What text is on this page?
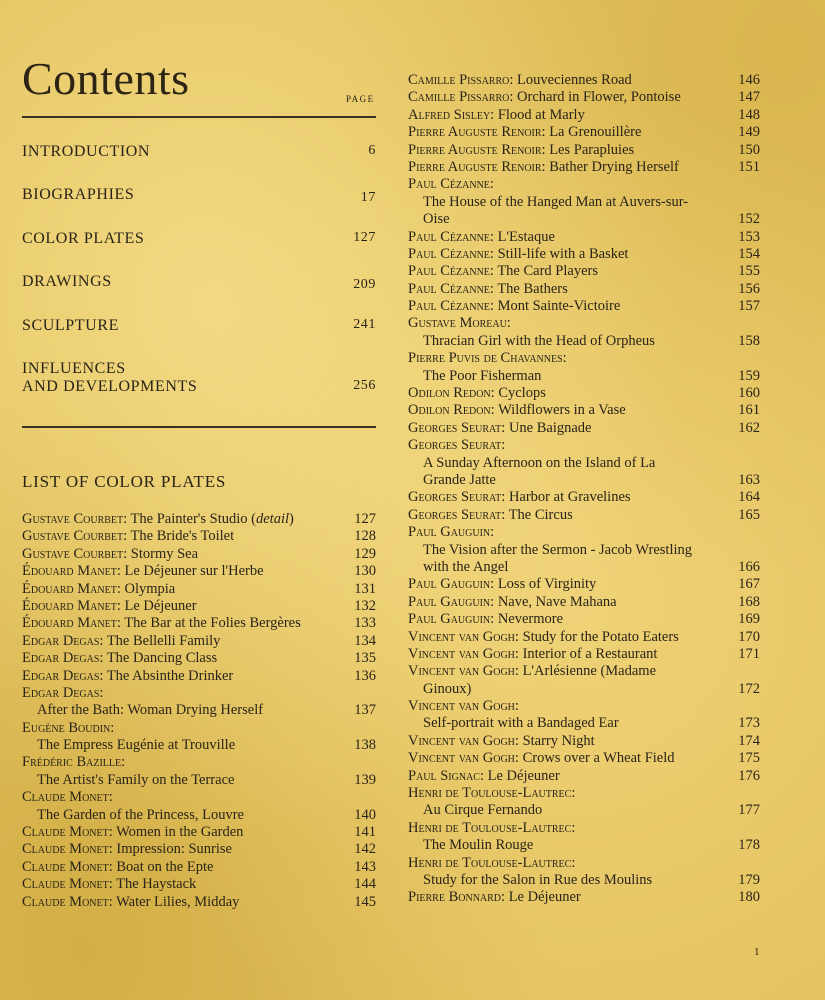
Contents	PAGE
INTRODUCTION	6
BIOGRAPHIES	17
COLOR PLATES	127
DRAWINGS	209
SCULPTURE	241
INFLUENCES
AND DEVELOPMENTS	256
LIST OF COLOR PLATES
Gustave Courbet: The Painter's Studio (detail)	127
Gustave Courbet: The Bride's Toilet	128
Gustave Courbet: Stormy Sea	129
Édouard Manet: Le Déjeuner sur l'Herbe	130
Édouard Manet: Olympia	131
Édouard Manet: Le Déjeuner	132
Édouard Manet: The Bar at the Folies Bergères	133
Edgar Degas: The Bellelli Family	134
Edgar Degas: The Dancing Class	135
Edgar Degas: The Absinthe Drinker	136
Edgar Degas:
After the Bath: Woman Drying Herself	137
Eugène Boudin:
The Empress Eugénie at Trouville	138
Frédéric Bazille:
The Artist's Family on the Terrace	139
Claude Monet:
The Garden of the Princess, Louvre	140
Claude Monet: Women in the Garden	141
Claude Monet: Impression: Sunrise	142
Claude Monet: Boat on the Epte	143
Claude Monet: The Haystack	144
Claude Monet: Water Lilies, Midday	145
Camille Pissarro: Louveciennes Road	146
Camille Pissarro: Orchard in Flower, Pontoise	147
Alfred Sisley: Flood at Marly	148
Pierre Auguste Renoir: La Grenouillère	149
Pierre Auguste Renoir: Les Parapluies	150
Pierre Auguste Renoir: Bather Drying Herself	151
Paul Cézanne:
The House of the Hanged Man at Auvers-sur-
Oise	152
Paul Cézanne: L'Estaque	153
Paul Cézanne: Still-life with a Basket	154
Paul Cézanne: The Card Players	155
Paul Cézanne: The Bathers	156
Paul Cézanne: Mont Sainte-Victoire	157
Gustave Moreau:
Thracian Girl with the Head of Orpheus	158
Pierre Puvis de Chavannes:
The Poor Fisherman	159
Odilon Redon: Cyclops	160
Odilon Redon: Wildflowers in a Vase	161
Georges Seurat: Une Baignade	162
Georges Seurat:
A Sunday Afternoon on the Island of La
Grande Jatte	163
Georges Seurat: Harbor at Gravelines	164
Georges Seurat: The Circus	165
Paul Gauguin:
The Vision after the Sermon - Jacob Wrestling
with the Angel	166
Paul Gauguin: Loss of Virginity	167
Paul Gauguin: Nave, Nave Mahana	168
Paul Gauguin: Nevermore	169
Vincent van Gogh: Study for the Potato Eaters	170
Vincent van Gogh: Interior of a Restaurant	171
Vincent van Gogh: L'Arlésienne (Madame
Ginoux)	172
Vincent van Gogh:
Self-portrait with a Bandaged Ear	173
Vincent van Gogh: Starry Night	174
Vincent van Gogh: Crows over a Wheat Field	175
Paul Signac: Le Déjeuner	176
Henri de Toulouse-Lautrec:
Au Cirque Fernando	177
Henri de Toulouse-Lautrec:
The Moulin Rouge	178
Henri de Toulouse-Lautrec:
Study for the Salon in Rue des Moulins	179
Pierre Bonnard: Le Déjeuner	180
1
